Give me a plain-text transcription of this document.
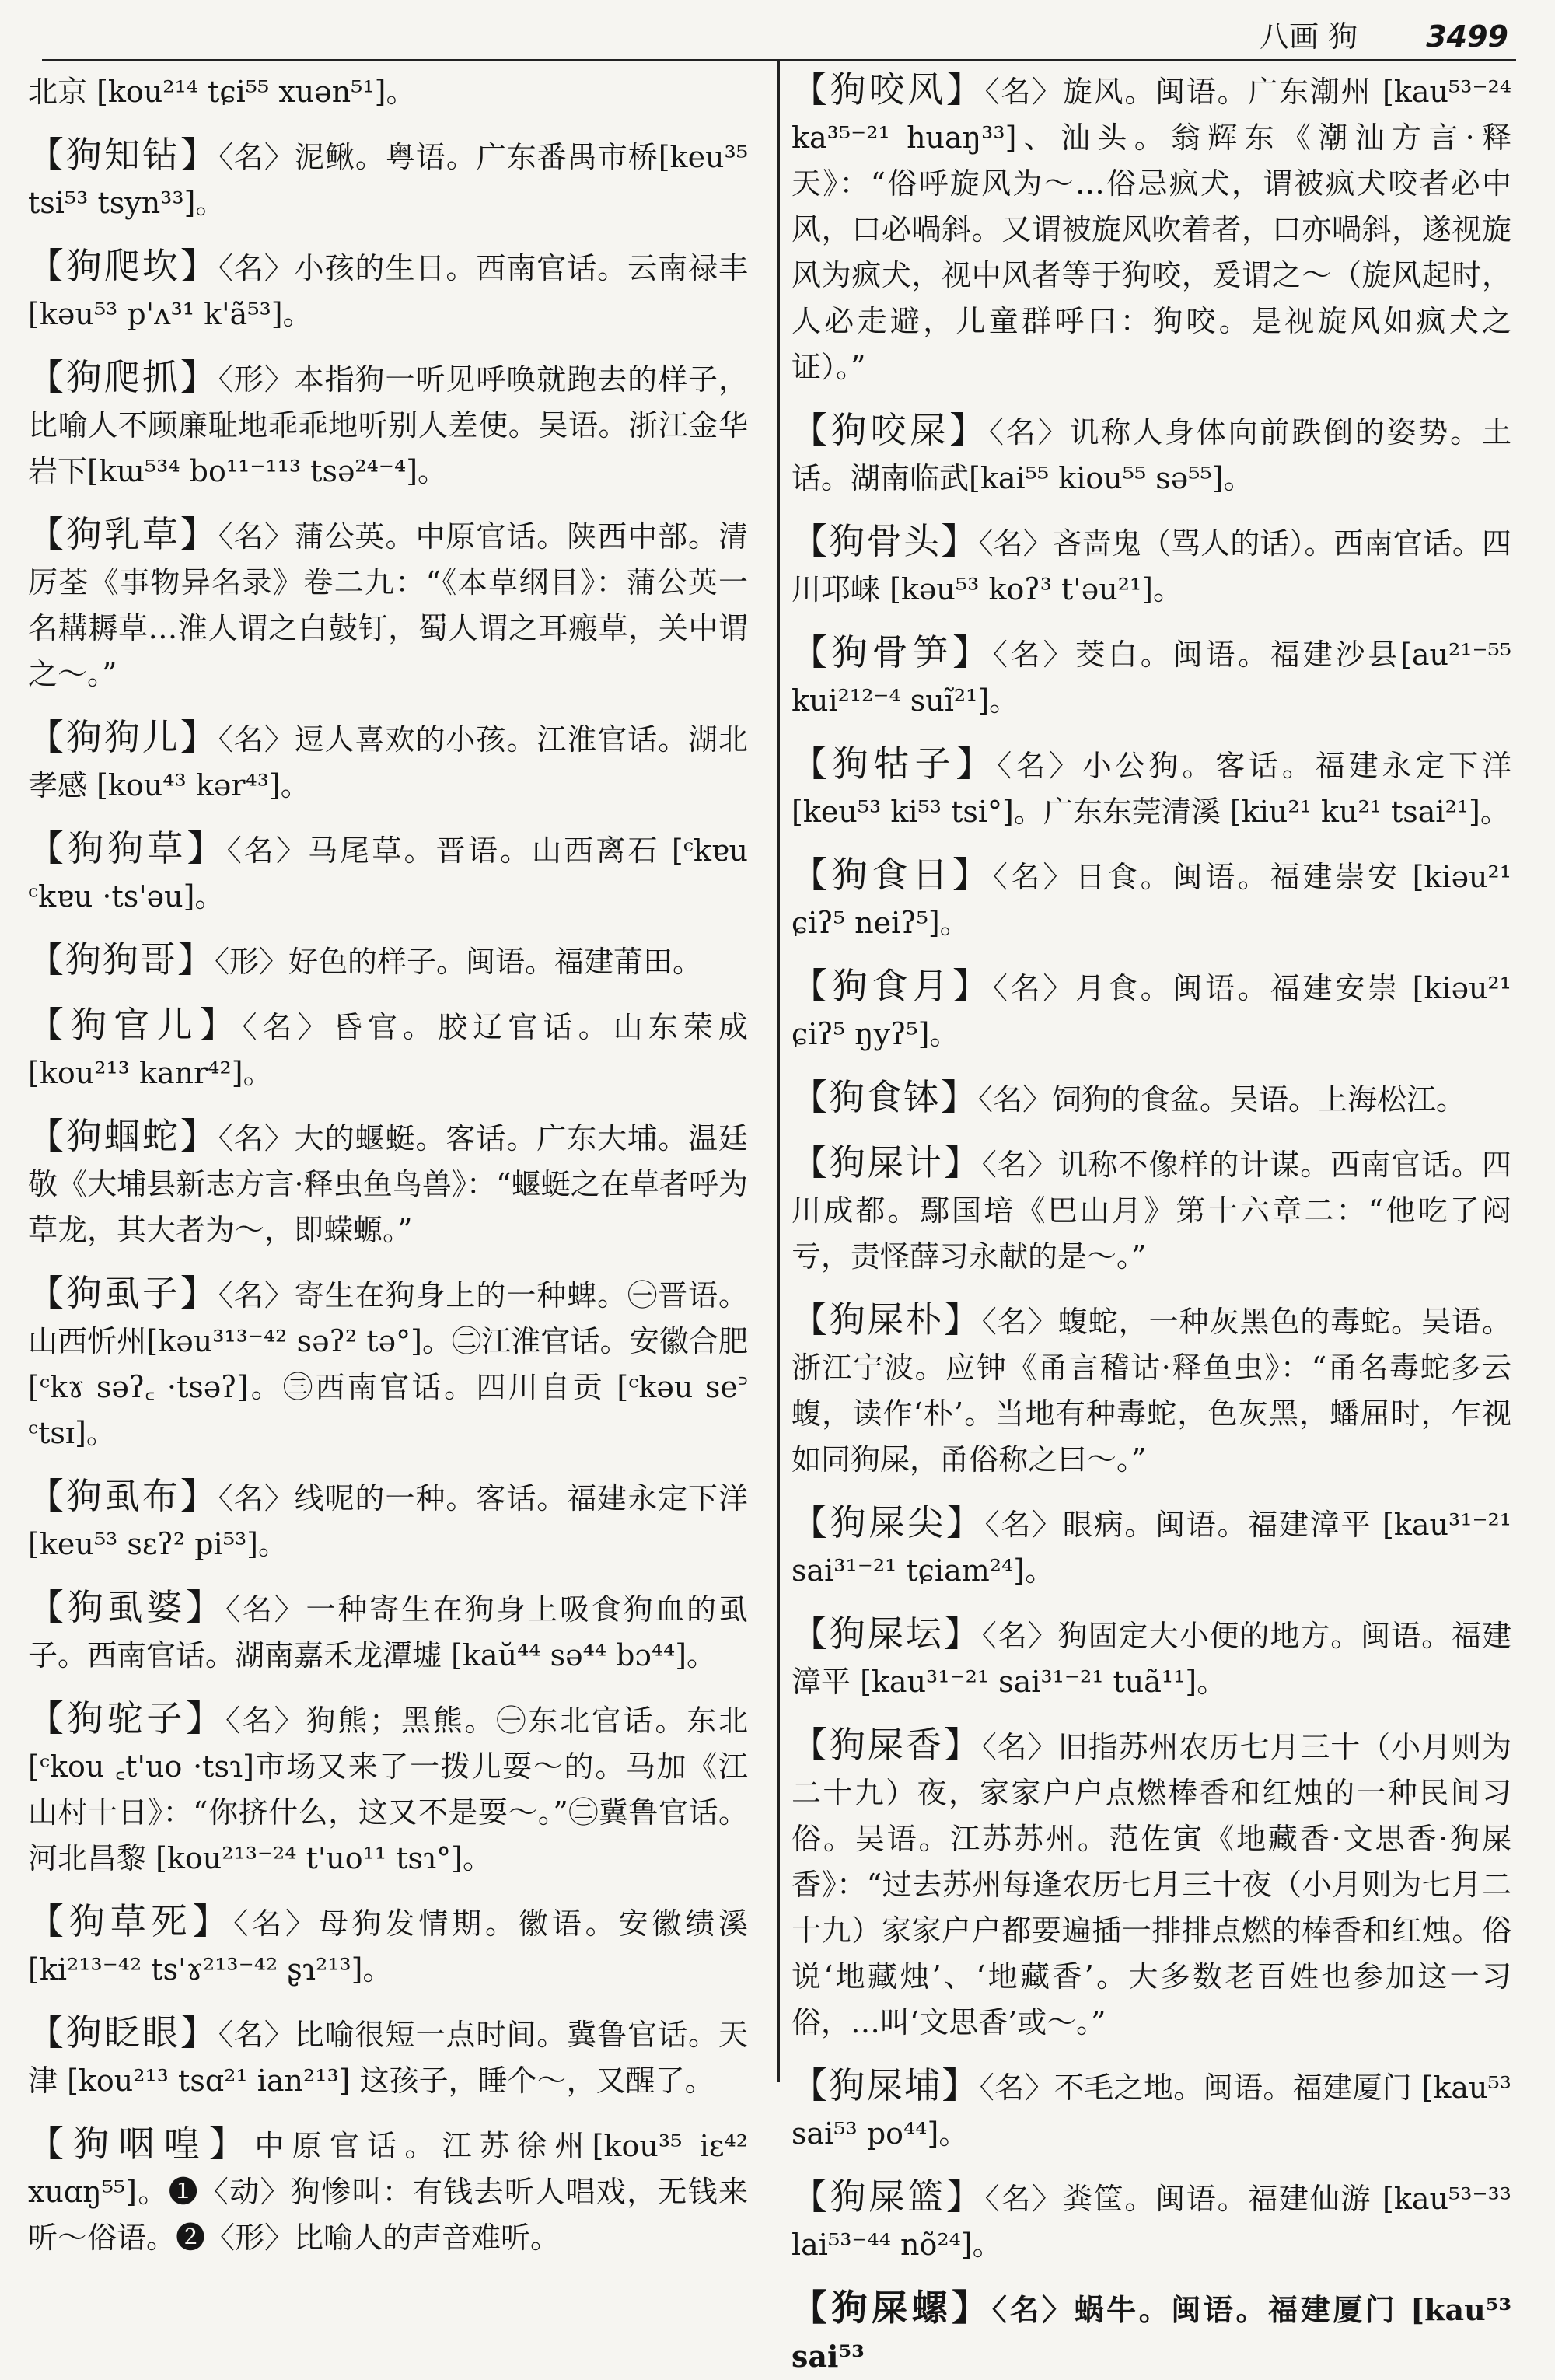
八画 狗 3499

北京 [kou²¹⁴ tɕi⁵⁵ xuən⁵¹]。

【狗知钻】〈名〉泥鳅。粤语。广东番禺市桥[keu³⁵ tsi⁵³ tsyn³³]。

【狗爬坎】〈名〉小孩的生日。西南官话。云南禄丰 [kəu⁵³ p'ʌ³¹ k'ã⁵³]。

【狗爬抓】〈形〉本指狗一听见呼唤就跑去的样子，比喻人不顾廉耻地乖乖地听别人差使。吴语。浙江金华岩下[kɯ⁵³⁴ bo¹¹⁻¹¹³ tsə²⁴⁻⁴]。

【狗乳草】〈名〉蒲公英。中原官话。陕西中部。清厉荃《事物异名录》卷二九：“《本草纲目》：蒲公英一名耩耨草…淮人谓之白鼓钉，蜀人谓之耳瘢草，关中谓之～。”

【狗狗儿】〈名〉逗人喜欢的小孩。江淮官话。湖北孝感 [kou⁴³ kər⁴³]。

【狗狗草】〈名〉马尾草。晋语。山西离石 [ᶜkɐu ᶜkɐu ·ts'əu]。

【狗狗哥】〈形〉好色的样子。闽语。福建莆田。

【狗官儿】〈名〉昏官。胶辽官话。山东荣成 [kou²¹³ kanr⁴²]。

【狗蝈蛇】〈名〉大的蝘蜓。客话。广东大埔。温廷敬《大埔县新志方言·释虫鱼鸟兽》：“蝘蜓之在草者呼为草龙，其大者为～，即蝾螈。”

【狗虱子】〈名〉寄生在狗身上的一种蜱。㊀晋语。山西忻州[kəu³¹³⁻⁴² səʔ² tə°]。㊁江淮官话。安徽合肥[ᶜkɤ səʔ꜀ ·tsəʔ]。㊂西南官话。四川自贡 [ᶜkəu se꜄ ᶜtsɪ]。

【狗虱布】〈名〉线呢的一种。客话。福建永定下洋 [keu⁵³ sɛʔ² pi⁵³]。

【狗虱婆】〈名〉一种寄生在狗身上吸食狗血的虱子。西南官话。湖南嘉禾龙潭墟 [kaŭ⁴⁴ sə⁴⁴ bɔ⁴⁴]。

【狗驼子】〈名〉狗熊；黑熊。㊀东北官话。东北 [ᶜkou ꜀t'uo ·tsɿ]市场又来了一拨儿耍～的。马加《江山村十日》：“你挤什么，这又不是耍～。”㊁冀鲁官话。河北昌黎 [kou²¹³⁻²⁴ t'uo¹¹ tsɿ°]。

【狗草死】〈名〉母狗发情期。徽语。安徽绩溪[ki²¹³⁻⁴² ts'ɤ²¹³⁻⁴² ʂɿ²¹³]。

【狗眨眼】〈名〉比喻很短一点时间。冀鲁官话。天津 [kou²¹³ tsɑ²¹ ian²¹³] 这孩子，睡个～，又醒了。

【狗咽喤】中原官话。江苏徐州[kou³⁵ iɛ⁴² xuɑŋ⁵⁵]。❶〈动〉狗惨叫：有钱去听人唱戏，无钱来听～俗语。❷〈形〉比喻人的声音难听。

【狗咬风】〈名〉旋风。闽语。广东潮州 [kau⁵³⁻²⁴ ka³⁵⁻²¹ huaŋ³³]、汕头。翁辉东《潮汕方言·释天》：“俗呼旋风为～…俗忌疯犬，谓被疯犬咬者必中风，口必喎斜。又谓被旋风吹着者，口亦喎斜，遂视旋风为疯犬，视中风者等于狗咬，爰谓之～（旋风起时，人必走避，儿童群呼曰：狗咬。是视旋风如疯犬之证）。”

【狗咬屎】〈名〉讥称人身体向前跌倒的姿势。土话。湖南临武[kai⁵⁵ kiou⁵⁵ sə⁵⁵]。

【狗骨头】〈名〉吝啬鬼（骂人的话）。西南官话。四川邛崃 [kəu⁵³ koʔ³ t'əu²¹]。

【狗骨笋】〈名〉茭白。闽语。福建沙县[au²¹⁻⁵⁵ kui²¹²⁻⁴ suĩ²¹]。

【狗牯子】〈名〉小公狗。客话。福建永定下洋 [keu⁵³ ki⁵³ tsi°]。广东东莞清溪 [kiu²¹ ku²¹ tsai²¹]。

【狗食日】〈名〉日食。闽语。福建崇安 [kiəu²¹ ɕiʔ⁵ neiʔ⁵]。

【狗食月】〈名〉月食。闽语。福建安崇 [kiəu²¹ ɕiʔ⁵ ŋyʔ⁵]。

【狗食钵】〈名〉饲狗的食盆。吴语。上海松江。

【狗屎计】〈名〉讥称不像样的计谋。西南官话。四川成都。鄢国培《巴山月》第十六章二：“他吃了闷亏，责怪薛习永献的是～。”

【狗屎朴】〈名〉蝮蛇，一种灰黑色的毒蛇。吴语。浙江宁波。应钟《甬言稽诂·释鱼虫》：“甬名毒蛇多云蝮，读作‘朴’。当地有种毒蛇，色灰黑，蟠屈时，乍视如同狗屎，甬俗称之曰～。”

【狗屎尖】〈名〉眼病。闽语。福建漳平 [kau³¹⁻²¹ sai³¹⁻²¹ tɕiam²⁴]。

【狗屎坛】〈名〉狗固定大小便的地方。闽语。福建漳平 [kau³¹⁻²¹ sai³¹⁻²¹ tuã¹¹]。

【狗屎香】〈名〉旧指苏州农历七月三十（小月则为二十九）夜，家家户户点燃棒香和红烛的一种民间习俗。吴语。江苏苏州。范佐寅《地藏香·文思香·狗屎香》：“过去苏州每逢农历七月三十夜（小月则为七月二十九）家家户户都要遍插一排排点燃的棒香和红烛。俗说‘地藏烛’、‘地藏香’。大多数老百姓也参加这一习俗，…叫‘文思香’或～。”

【狗屎埔】〈名〉不毛之地。闽语。福建厦门 [kau⁵³ sai⁵³ po⁴⁴]。

【狗屎篮】〈名〉粪筐。闽语。福建仙游 [kau⁵³⁻³³ lai⁵³⁻⁴⁴ nõ²⁴]。

【狗屎螺】〈名〉蜗牛。闽语。福建厦门 [kau⁵³ sai⁵³
